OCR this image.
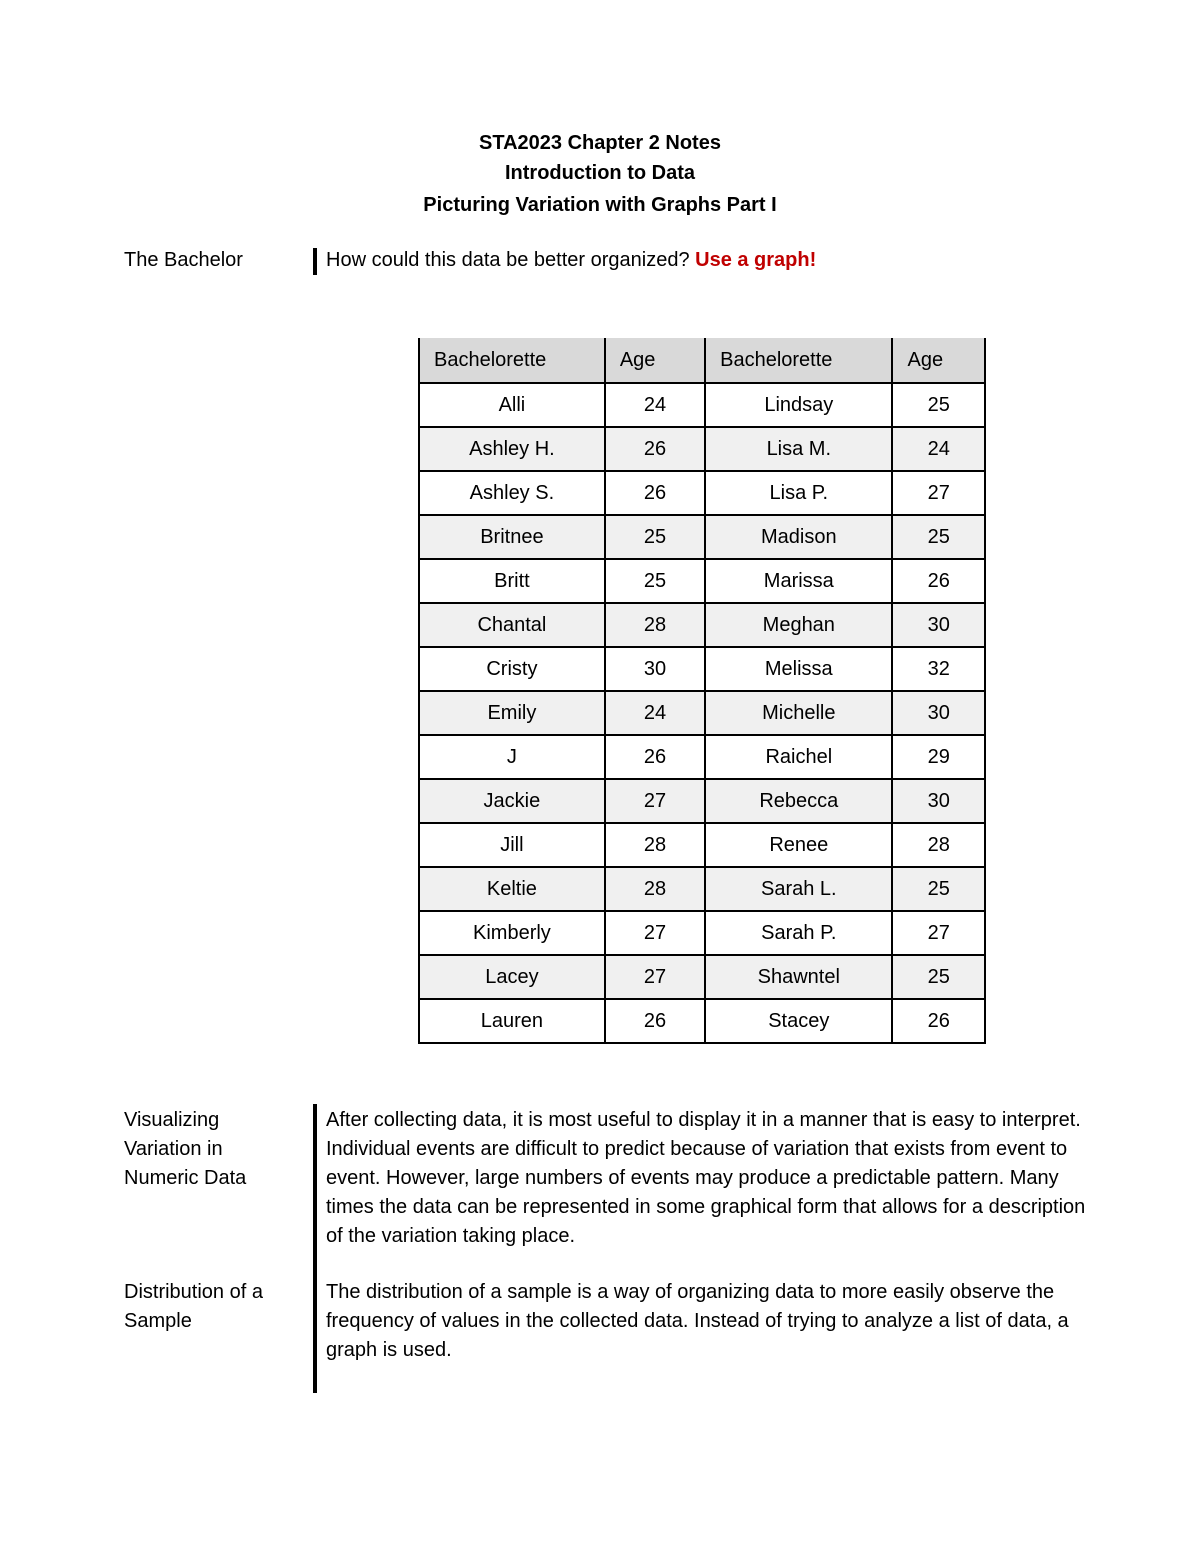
STA2023 Chapter 2 Notes
Introduction to Data
Picturing Variation with Graphs Part I
The Bachelor	How could this data be better organized? Use a graph!
Bachelorette	Age	Bachelorette	Age
Alli	24	Lindsay	25
Ashley H.	26	Lisa M.	24
Ashley S.	26	Lisa P.	27
Britnee	25	Madison	25
Britt	25	Marissa	26
Chantal	28	Meghan	30
Cristy	30	Melissa	32
Emily	24	Michelle	30
J	26	Raichel	29
Jackie	27	Rebecca	30
Jill	28	Renee	28
Keltie	28	Sarah L.	25
Kimberly	27	Sarah P.	27
Lacey	27	Shawntel	25
Lauren	26	Stacey	26
Visualizing
Variation in
Numeric Data
After collecting data, it is most useful to display it in a manner that is easy to interpret. Individual events are difficult to predict because of variation that exists from event to event. However, large numbers of events may produce a predictable pattern. Many times the data can be represented in some graphical form that allows for a description of the variation taking place.
Distribution of a
Sample
The distribution of a sample is a way of organizing data to more easily observe the frequency of values in the collected data. Instead of trying to analyze a list of data, a graph is used.
